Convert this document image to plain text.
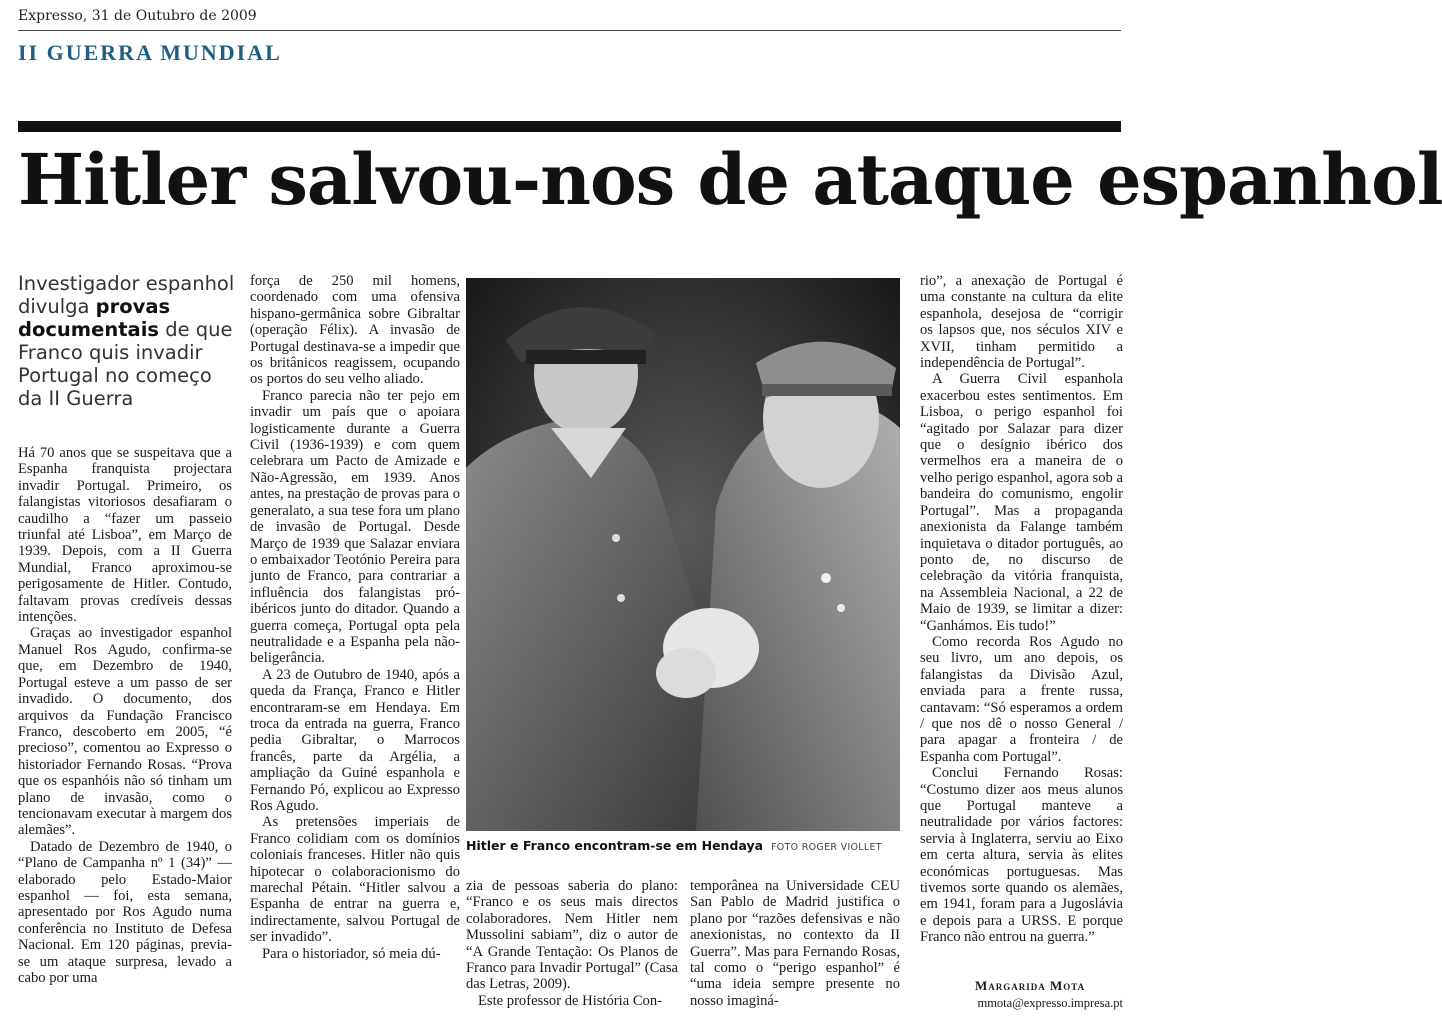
Expresso, 31 de Outubro de 2009
II GUERRA MUNDIAL
Hitler salvou-nos de ataque espanhol
Investigador espanhol divulga provas documentais de que Franco quis invadir Portugal no começo da II Guerra

Há 70 anos que se suspeitava que a Espanha franquista projectara invadir Portugal. Primeiro, os falangistas vitoriosos desafiaram o caudilho a “fazer um passeio triunfal até Lisboa”, em Março de 1939. Depois, com a II Guerra Mundial, Franco aproximou-se perigosamente de Hitler. Contudo, faltavam provas credíveis dessas intenções.

Graças ao investigador espanhol Manuel Ros Agudo, confirma-se que, em Dezembro de 1940, Portugal esteve a um passo de ser invadido. O documento, dos arquivos da Fundação Francisco Franco, descoberto em 2005, “é precioso”, comentou ao Expresso o historiador Fernando Rosas. “Prova que os espanhóis não só tinham um plano de invasão, como o tencionavam executar à margem dos alemães”.

Datado de Dezembro de 1940, o “Plano de Campanha nº 1 (34)” — elaborado pelo Estado-Maior espanhol — foi, esta semana, apresentado por Ros Agudo numa conferência no Instituto de Defesa Nacional. Em 120 páginas, previa-se um ataque surpresa, levado a cabo por uma

força de 250 mil homens, coordenado com uma ofensiva hispano-germânica sobre Gibraltar (operação Félix). A invasão de Portugal destinava-se a impedir que os britânicos reagissem, ocupando os portos do seu velho aliado.

Franco parecia não ter pejo em invadir um país que o apoiara logisticamente durante a Guerra Civil (1936-1939) e com quem celebrara um Pacto de Amizade e Não-Agressão, em 1939. Anos antes, na prestação de provas para o generalato, a sua tese fora um plano de invasão de Portugal. Desde Março de 1939 que Salazar enviara o embaixador Teotónio Pereira para junto de Franco, para contrariar a influência dos falangistas pró-ibéricos junto do ditador. Quando a guerra começa, Portugal opta pela neutralidade e a Espanha pela não-beligerância.

A 23 de Outubro de 1940, após a queda da França, Franco e Hitler encontraram-se em Hendaya. Em troca da entrada na guerra, Franco pedia Gibraltar, o Marrocos francês, parte da Argélia, a ampliação da Guiné espanhola e Fernando Pó, explicou ao Expresso Ros Agudo.

As pretensões imperiais de Franco colidiam com os domínios coloniais franceses. Hitler não quis hipotecar o colaboracionismo do marechal Pétain. “Hitler salvou a Espanha de entrar na guerra e, indirectamente, salvou Portugal de ser invadido”.

Para o historiador, só meia dú-

Hitler e Franco encontram-se em Hendaya FOTO ROGER VIOLLET

zia de pessoas saberia do plano: “Franco e os seus mais directos colaboradores. Nem Hitler nem Mussolini sabiam”, diz o autor de “A Grande Tentação: Os Planos de Franco para Invadir Portugal” (Casa das Letras, 2009).

Este professor de História Con-

temporânea na Universidade CEU San Pablo de Madrid justifica o plano por “razões defensivas e não anexionistas, no contexto da II Guerra”. Mas para Fernando Rosas, tal como o “perigo espanhol” é “uma ideia sempre presente no nosso imaginá-

rio”, a anexação de Portugal é uma constante na cultura da elite espanhola, desejosa de “corrigir os lapsos que, nos séculos XIV e XVII, tinham permitido a independência de Portugal”.

A Guerra Civil espanhola exacerbou estes sentimentos. Em Lisboa, o perigo espanhol foi “agitado por Salazar para dizer que o desígnio ibérico dos vermelhos era a maneira de o velho perigo espanhol, agora sob a bandeira do comunismo, engolir Portugal”. Mas a propaganda anexionista da Falange também inquietava o ditador português, ao ponto de, no discurso de celebração da vitória franquista, na Assembleia Nacional, a 22 de Maio de 1939, se limitar a dizer: “Ganhámos. Eis tudo!”

Como recorda Ros Agudo no seu livro, um ano depois, os falangistas da Divisão Azul, enviada para a frente russa, cantavam: “Só esperamos a ordem / que nos dê o nosso General / para apagar a fronteira / de Espanha com Portugal”.

Conclui Fernando Rosas: “Costumo dizer aos meus alunos que Portugal manteve a neutralidade por vários factores: servia à Inglaterra, serviu ao Eixo em certa altura, servia às elites económicas portuguesas. Mas tivemos sorte quando os alemães, em 1941, foram para a Jugoslávia e depois para a URSS. E porque Franco não entrou na guerra.”

Margarida Mota
mmota@expresso.impresa.pt
